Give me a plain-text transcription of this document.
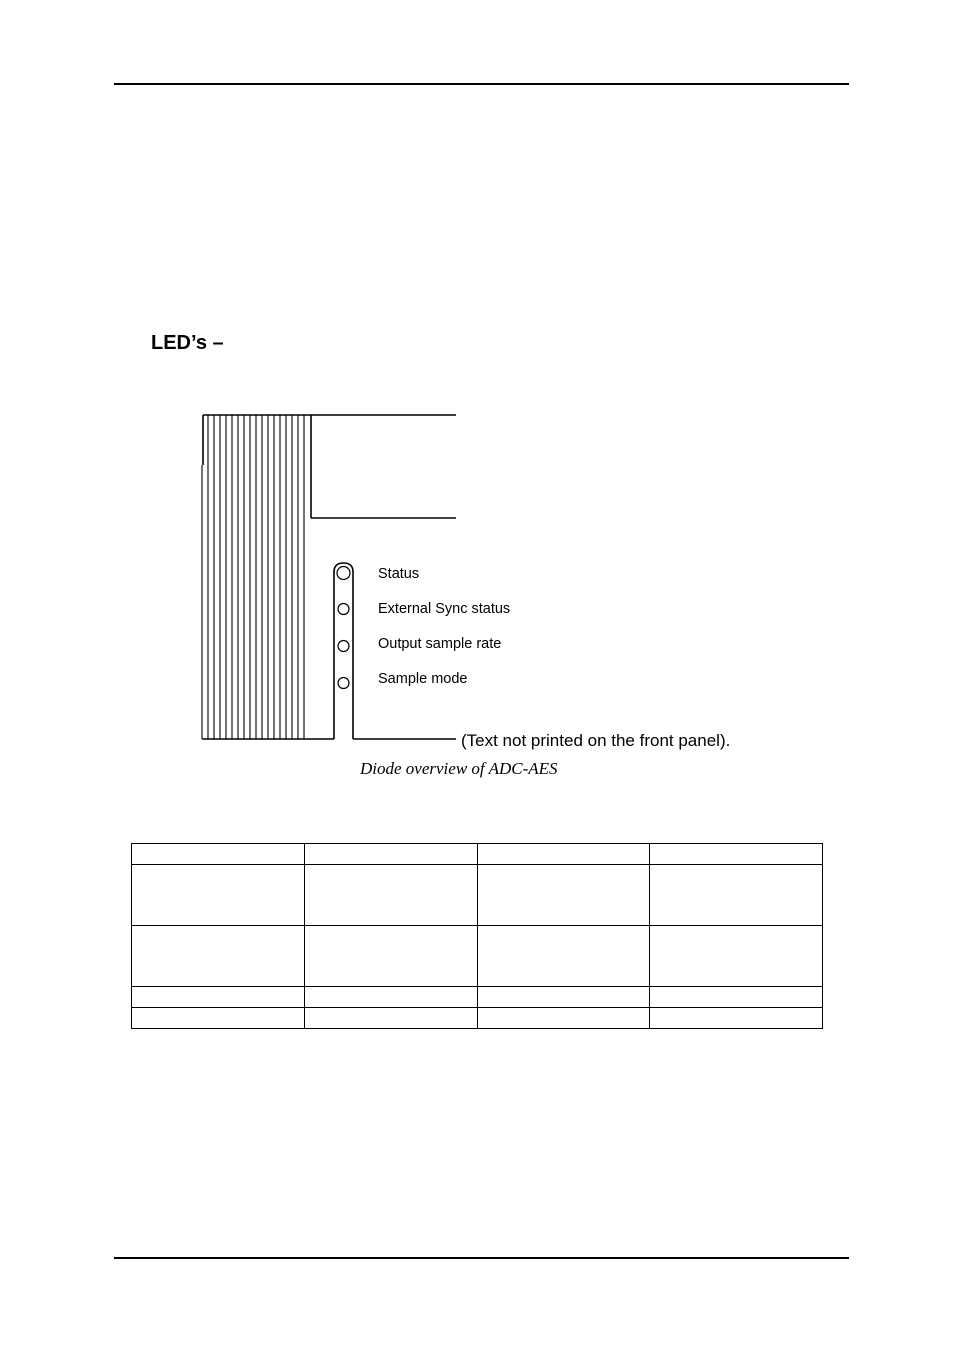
LED’s –
Status
External Sync status
Output sample rate
Sample mode
(Text not printed on the front panel).
Diode overview of ADC-AES
